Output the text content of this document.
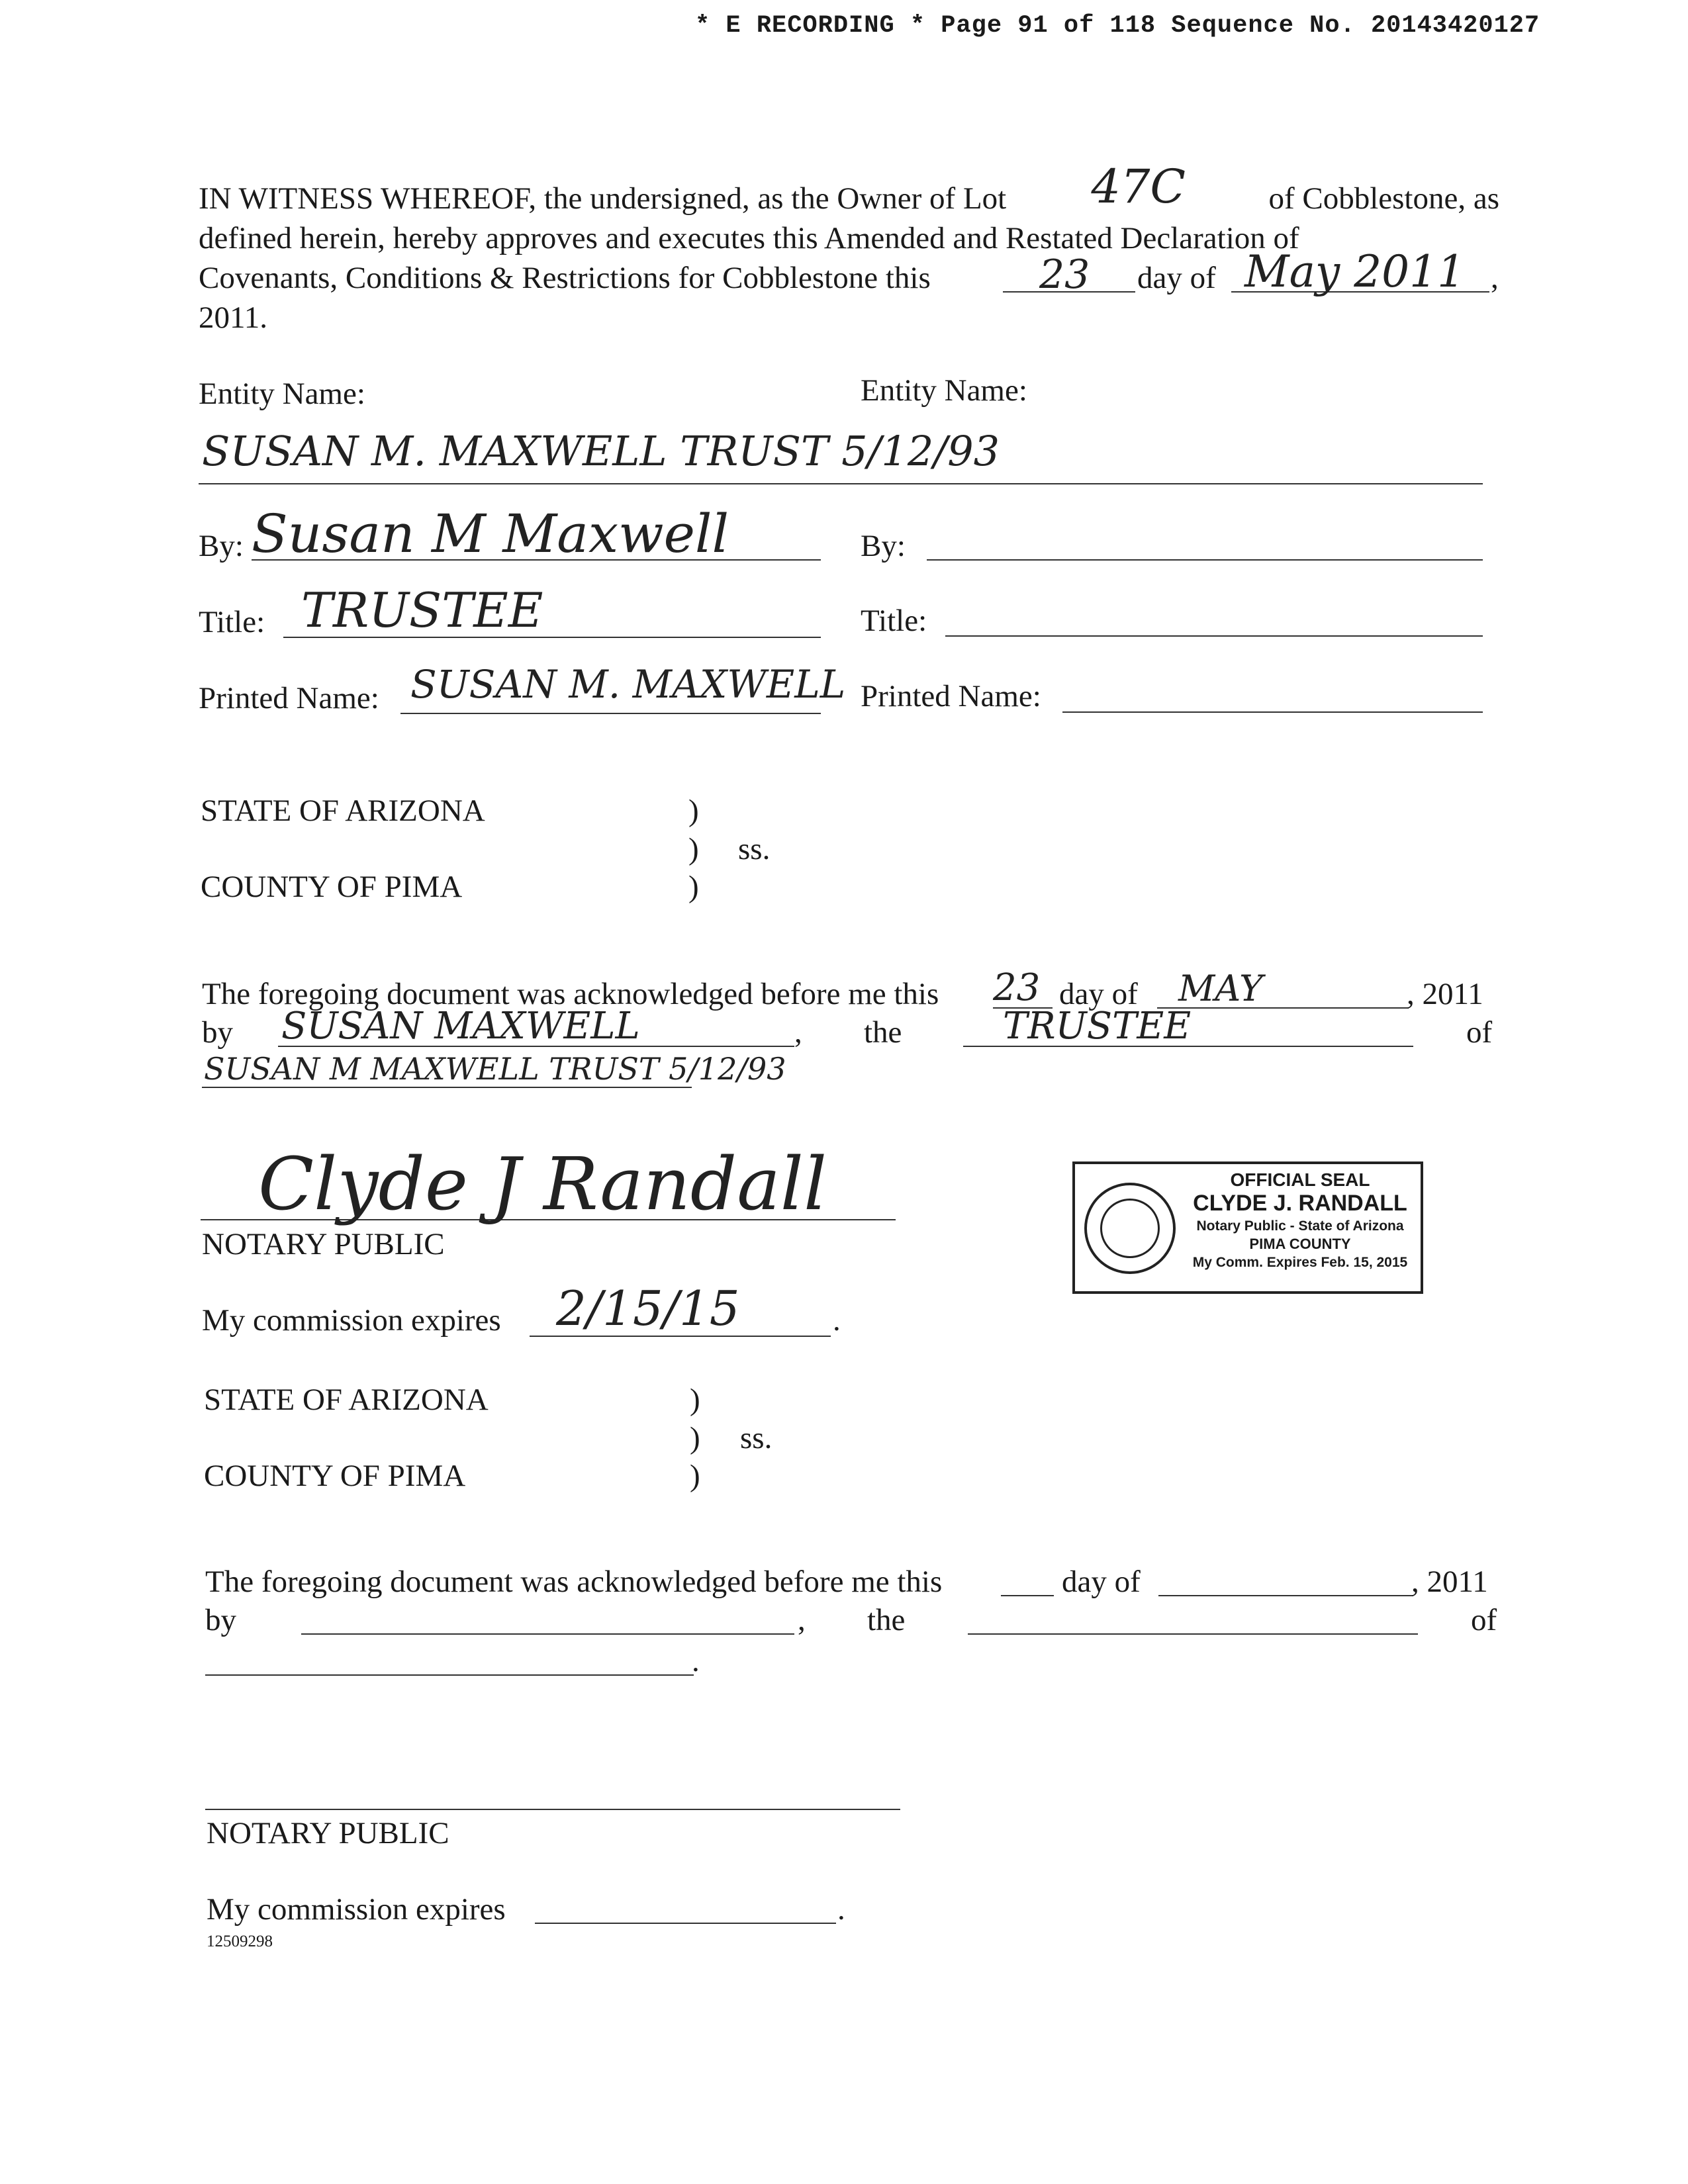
* E RECORDING * Page 91 of 118 Sequence No. 20143420127
IN WITNESS WHEREOF, the undersigned, as the Owner of Lot 47C	of Cobblestone, as
defined herein, hereby approves and executes this Amended and Restated Declaration of
Covenants, Conditions & Restrictions for Cobblestone this	23 day of May 2011 ,
2011.
Entity Name:
SUSAN M. MAXWELL TRUST 5/12/93
By: Susan M Maxwell
Title: TRUSTEE
Printed Name: SUSAN M. MAXWELL
Entity Name:
By:
Title:
Printed Name:
STATE OF ARIZONA	)
) ss.
COUNTY OF PIMA	)
The foregoing document was acknowledged before me this 23 day of MAY	, 2011
by SUSAN MAXWELL	, the	TRUSTEE	of
SUSAN M MAXWELL TRUST 5/12/93
Clyde J Randall
NOTARY PUBLIC
My commission expires 2/15/15	.
OFFICIAL SEAL
CLYDE J. RANDALL
Notary Public - State of Arizona
PIMA COUNTY
My Comm. Expires Feb. 15, 2015
STATE OF ARIZONA	)
) ss.
COUNTY OF PIMA	)
The foregoing document was acknowledged before me this	day of	, 2011
by	, the	of
.
NOTARY PUBLIC
My commission expires	.
12509298
